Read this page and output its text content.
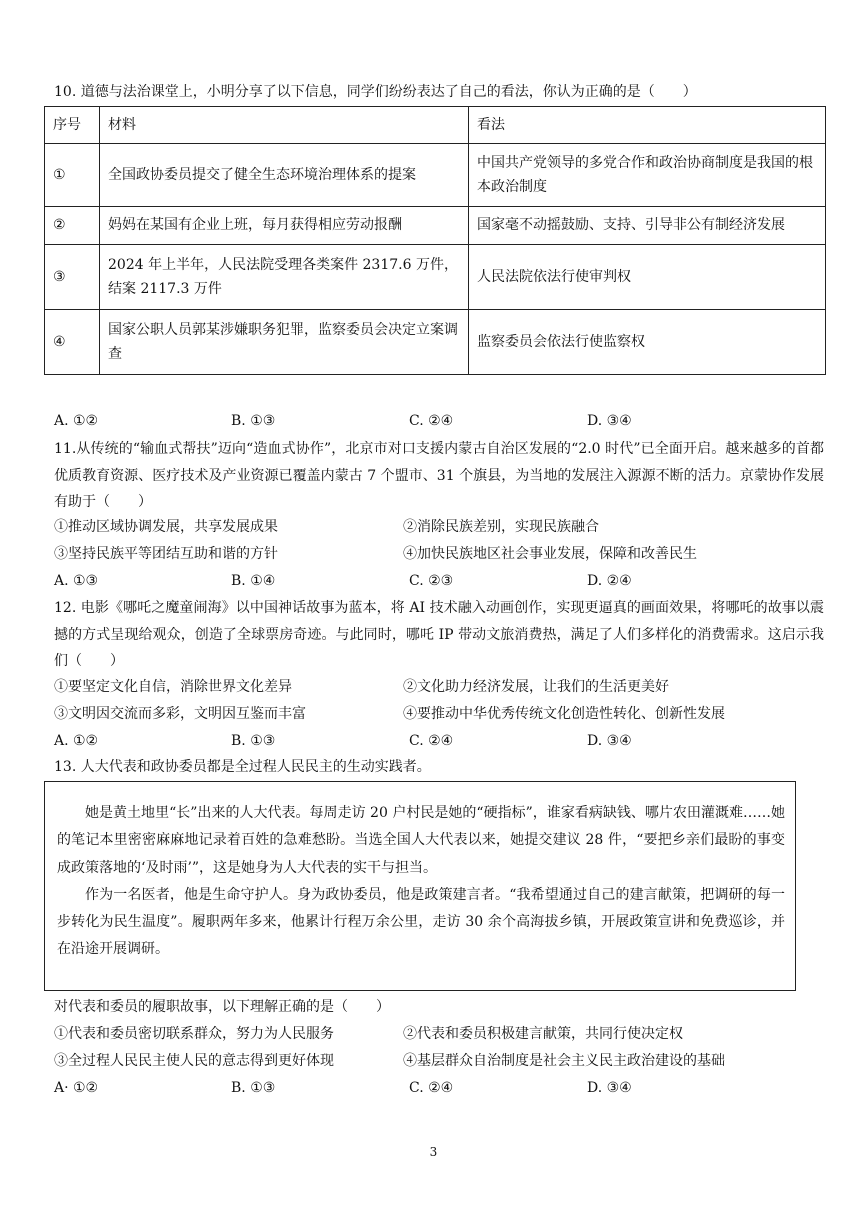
10. 道德与法治课堂上，小明分享了以下信息，同学们纷纷表达了自己的看法，你认为正确的是（　　）

序号	材料	看法
①	全国政协委员提交了健全生态环境治理体系的提案	中国共产党领导的多党合作和政治协商制度是我国的根本政治制度
②	妈妈在某国有企业上班，每月获得相应劳动报酬	国家毫不动摇鼓励、支持、引导非公有制经济发展
③	2024 年上半年，人民法院受理各类案件 2317.6 万件，结案 2117.3 万件	人民法院依法行使审判权
④	国家公职人员郭某涉嫌职务犯罪，监察委员会决定立案调查	监察委员会依法行使监察权
A. ①②	B. ①③	C. ②④	D. ③④

11.从传统的“输血式帮扶”迈向“造血式协作”，北京市对口支援内蒙古自治区发展的“2.0 时代”已全面开启。越来越多的首都优质教育资源、医疗技术及产业资源已覆盖内蒙古 7 个盟市、31 个旗县，为当地的发展注入源源不断的活力。京蒙协作发展有助于（　　）

①推动区域协调发展，共享发展成果	②消除民族差别，实现民族融合
③坚持民族平等团结互助和谐的方针	④加快民族地区社会事业发展，保障和改善民生
A. ①③	B. ①④	C. ②③	D. ②④

12. 电影《哪吒之魔童闹海》以中国神话故事为蓝本，将 AI 技术融入动画创作，实现更逼真的画面效果，将哪吒的故事以震撼的方式呈现给观众，创造了全球票房奇迹。与此同时，哪吒 IP 带动文旅消费热，满足了人们多样化的消费需求。这启示我们（　　）

①要坚定文化自信，消除世界文化差异	②文化助力经济发展，让我们的生活更美好
③文明因交流而多彩，文明因互鉴而丰富	④要推动中华优秀传统文化创造性转化、创新性发展
A. ①②	B. ①③	C. ②④	D. ③④

13. 人大代表和政协委员都是全过程人民民主的生动实践者。

她是黄土地里“长”出来的人大代表。每周走访 20 户村民是她的“硬指标”，谁家看病缺钱、哪片农田灌溉难……她的笔记本里密密麻麻地记录着百姓的急难愁盼。当选全国人大代表以来，她提交建议 28 件，“要把乡亲们最盼的事变成政策落地的‘及时雨’”，这是她身为人大代表的实干与担当。

作为一名医者，他是生命守护人。身为政协委员，他是政策建言者。“我希望通过自己的建言献策，把调研的每一步转化为民生温度”。履职两年多来，他累计行程万余公里，走访 30 余个高海拔乡镇，开展政策宣讲和免费巡诊，并在沿途开展调研。

对代表和委员的履职故事，以下理解正确的是（　　）

①代表和委员密切联系群众，努力为人民服务	②代表和委员积极建言献策，共同行使决定权
③全过程人民民主使人民的意志得到更好体现	④基层群众自治制度是社会主义民主政治建设的基础
A· ①②	B. ①③	C. ②④	D. ③④
3
